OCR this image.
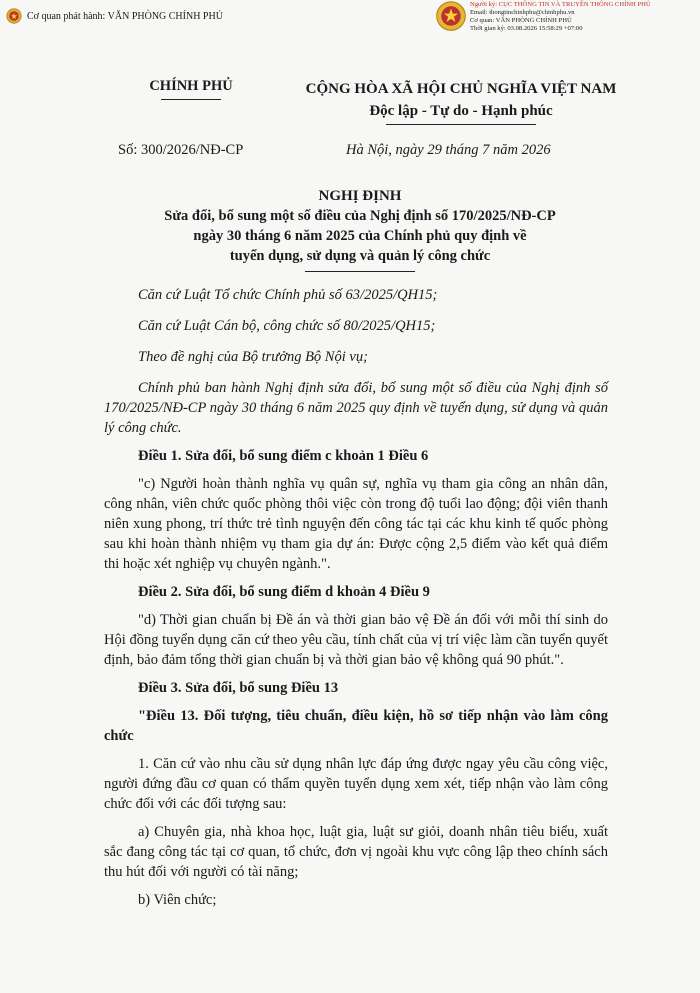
Cơ quan phát hành: VĂN PHÒNG CHÍNH PHỦ
Người ký: CỤC THÔNG TIN VÀ TRUYỀN THÔNG CHÍNH PHỦ
Email: thongtinchinhphu@chinhphu.vn
Cơ quan: VĂN PHÒNG CHÍNH PHỦ
Thời gian ký: 03.08.2026 15:58:29 +07:00
CHÍNH PHỦ	CỘNG HÒA XÃ HỘI CHỦ NGHĨA VIỆT NAM
Độc lập - Tự do - Hạnh phúc
Số: 300/2026/NĐ-CP	Hà Nội, ngày 29 tháng 7 năm 2026
NGHỊ ĐỊNH
Sửa đổi, bổ sung một số điều của Nghị định số 170/2025/NĐ-CP
ngày 30 tháng 6 năm 2025 của Chính phủ quy định về
tuyển dụng, sử dụng và quản lý công chức

Căn cứ Luật Tổ chức Chính phủ số 63/2025/QH15;

Căn cứ Luật Cán bộ, công chức số 80/2025/QH15;

Theo đề nghị của Bộ trưởng Bộ Nội vụ;

Chính phủ ban hành Nghị định sửa đổi, bổ sung một số điều của Nghị định số 170/2025/NĐ-CP ngày 30 tháng 6 năm 2025 quy định về tuyển dụng, sử dụng và quản lý công chức.

Điều 1. Sửa đổi, bổ sung điểm c khoản 1 Điều 6

"c) Người hoàn thành nghĩa vụ quân sự, nghĩa vụ tham gia công an nhân dân, công nhân, viên chức quốc phòng thôi việc còn trong độ tuổi lao động; đội viên thanh niên xung phong, trí thức trẻ tình nguyện đến công tác tại các khu kinh tế quốc phòng sau khi hoàn thành nhiệm vụ tham gia dự án: Được cộng 2,5 điểm vào kết quả điểm thi hoặc xét nghiệp vụ chuyên ngành.".

Điều 2. Sửa đổi, bổ sung điểm d khoản 4 Điều 9

"d) Thời gian chuẩn bị Đề án và thời gian bảo vệ Đề án đối với mỗi thí sinh do Hội đồng tuyển dụng căn cứ theo yêu cầu, tính chất của vị trí việc làm cần tuyển quyết định, bảo đảm tổng thời gian chuẩn bị và thời gian bảo vệ không quá 90 phút.".

Điều 3. Sửa đổi, bổ sung Điều 13

"Điều 13. Đối tượng, tiêu chuẩn, điều kiện, hồ sơ tiếp nhận vào làm công chức

1. Căn cứ vào nhu cầu sử dụng nhân lực đáp ứng được ngay yêu cầu công việc, người đứng đầu cơ quan có thẩm quyền tuyển dụng xem xét, tiếp nhận vào làm công chức đối với các đối tượng sau:

a) Chuyên gia, nhà khoa học, luật gia, luật sư giỏi, doanh nhân tiêu biểu, xuất sắc đang công tác tại cơ quan, tổ chức, đơn vị ngoài khu vực công lập theo chính sách thu hút đối với người có tài năng;

b) Viên chức;
